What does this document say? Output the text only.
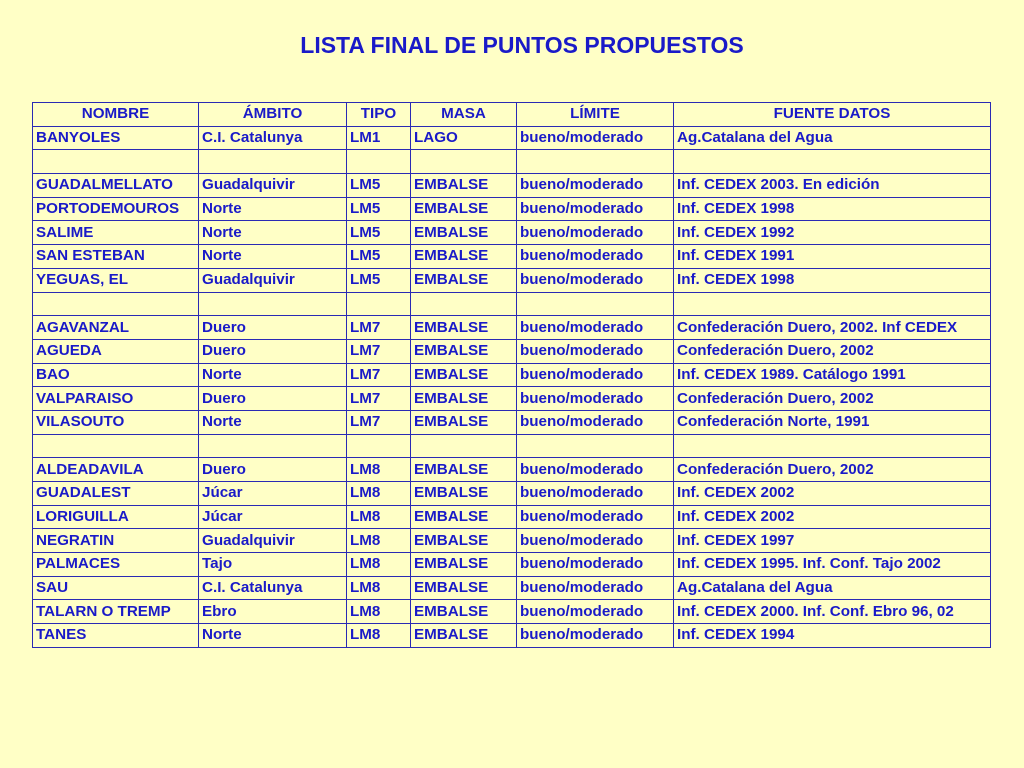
LISTA FINAL DE PUNTOS PROPUESTOS
NOMBRE	ÁMBITO	TIPO	MASA	LÍMITE	FUENTE DATOS
BANYOLES	C.I. Catalunya	LM1	LAGO	bueno/moderado	Ag.Catalana del Agua

GUADALMELLATO	Guadalquivir	LM5	EMBALSE	bueno/moderado	Inf. CEDEX 2003. En edición
PORTODEMOUROS	Norte	LM5	EMBALSE	bueno/moderado	Inf. CEDEX 1998
SALIME	Norte	LM5	EMBALSE	bueno/moderado	Inf. CEDEX 1992
SAN ESTEBAN	Norte	LM5	EMBALSE	bueno/moderado	Inf. CEDEX 1991
YEGUAS, EL	Guadalquivir	LM5	EMBALSE	bueno/moderado	Inf. CEDEX 1998

AGAVANZAL	Duero	LM7	EMBALSE	bueno/moderado	Confederación Duero, 2002. Inf CEDEX
AGUEDA	Duero	LM7	EMBALSE	bueno/moderado	Confederación Duero, 2002
BAO	Norte	LM7	EMBALSE	bueno/moderado	Inf. CEDEX 1989. Catálogo 1991
VALPARAISO	Duero	LM7	EMBALSE	bueno/moderado	Confederación Duero, 2002
VILASOUTO	Norte	LM7	EMBALSE	bueno/moderado	Confederación Norte, 1991

ALDEADAVILA	Duero	LM8	EMBALSE	bueno/moderado	Confederación Duero, 2002
GUADALEST	Júcar	LM8	EMBALSE	bueno/moderado	Inf. CEDEX 2002
LORIGUILLA	Júcar	LM8	EMBALSE	bueno/moderado	Inf. CEDEX 2002
NEGRATIN	Guadalquivir	LM8	EMBALSE	bueno/moderado	Inf. CEDEX 1997
PALMACES	Tajo	LM8	EMBALSE	bueno/moderado	Inf. CEDEX 1995. Inf. Conf. Tajo 2002
SAU	C.I. Catalunya	LM8	EMBALSE	bueno/moderado	Ag.Catalana del Agua
TALARN O TREMP	Ebro	LM8	EMBALSE	bueno/moderado	Inf. CEDEX 2000. Inf. Conf. Ebro 96, 02
TANES	Norte	LM8	EMBALSE	bueno/moderado	Inf. CEDEX 1994
